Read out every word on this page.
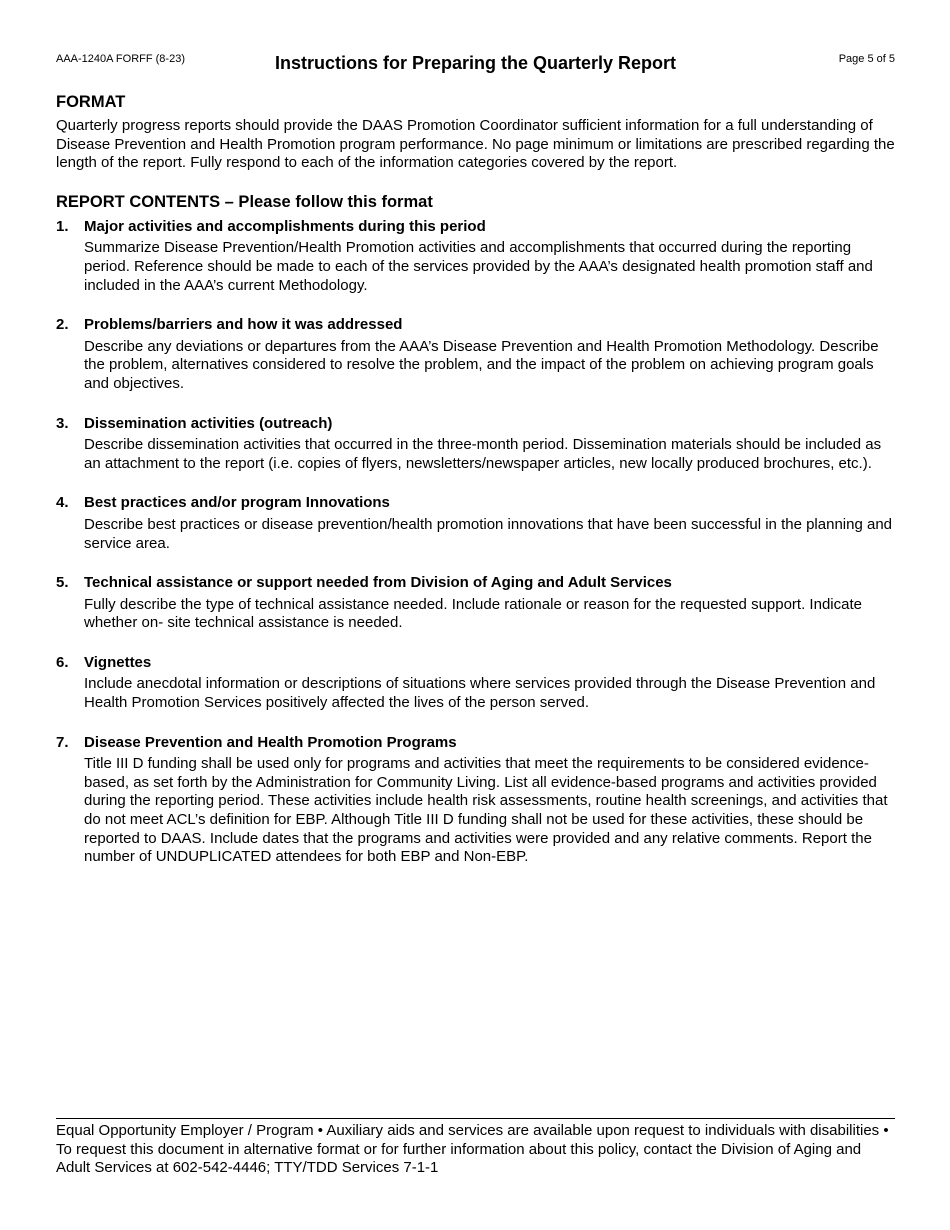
AAA-1240A FORFF (8-23)	Instructions for Preparing the Quarterly Report	Page 5 of 5
FORMAT

Quarterly progress reports should provide the DAAS Promotion Coordinator sufficient information for a full understanding of Disease Prevention and Health Promotion program performance. No page minimum or limitations are prescribed regarding the length of the report. Fully respond to each of the information categories covered by the report.

REPORT CONTENTS – Please follow this format
1. Major activities and accomplishments during this period

Summarize Disease Prevention/Health Promotion activities and accomplishments that occurred during the reporting period. Reference should be made to each of the services provided by the AAA’s designated health promotion staff and included in the AAA’s current Methodology.

2. Problems/barriers and how it was addressed

Describe any deviations or departures from the AAA’s Disease Prevention and Health Promotion Methodology. Describe the problem, alternatives considered to resolve the problem, and the impact of the problem on achieving program goals and objectives.

3. Dissemination activities (outreach)

Describe dissemination activities that occurred in the three-month period. Dissemination materials should be included as an attachment to the report (i.e. copies of flyers, newsletters/newspaper articles, new locally produced brochures, etc.).

4. Best practices and/or program Innovations

Describe best practices or disease prevention/health promotion innovations that have been successful in the planning and service area.

5. Technical assistance or support needed from Division of Aging and Adult Services

Fully describe the type of technical assistance needed. Include rationale or reason for the requested support. Indicate whether on- site technical assistance is needed.

6. Vignettes

Include anecdotal information or descriptions of situations where services provided through the Disease Prevention and Health Promotion Services positively affected the lives of the person served.

7. Disease Prevention and Health Promotion Programs

Title III D funding shall be used only for programs and activities that meet the requirements to be considered evidence-based, as set forth by the Administration for Community Living. List all evidence-based programs and activities provided during the reporting period. These activities include health risk assessments, routine health screenings, and activities that do not meet ACL’s definition for EBP. Although Title III D funding shall not be used for these activities, these should be reported to DAAS. Include dates that the programs and activities were provided and any relative comments. Report the number of UNDUPLICATED attendees for both EBP and Non-EBP.

Equal Opportunity Employer / Program • Auxiliary aids and services are available upon request to individuals with disabilities • To request this document in alternative format or for further information about this policy, contact the Division of Aging and Adult Services at 602-542-4446; TTY/TDD Services 7-1-1
